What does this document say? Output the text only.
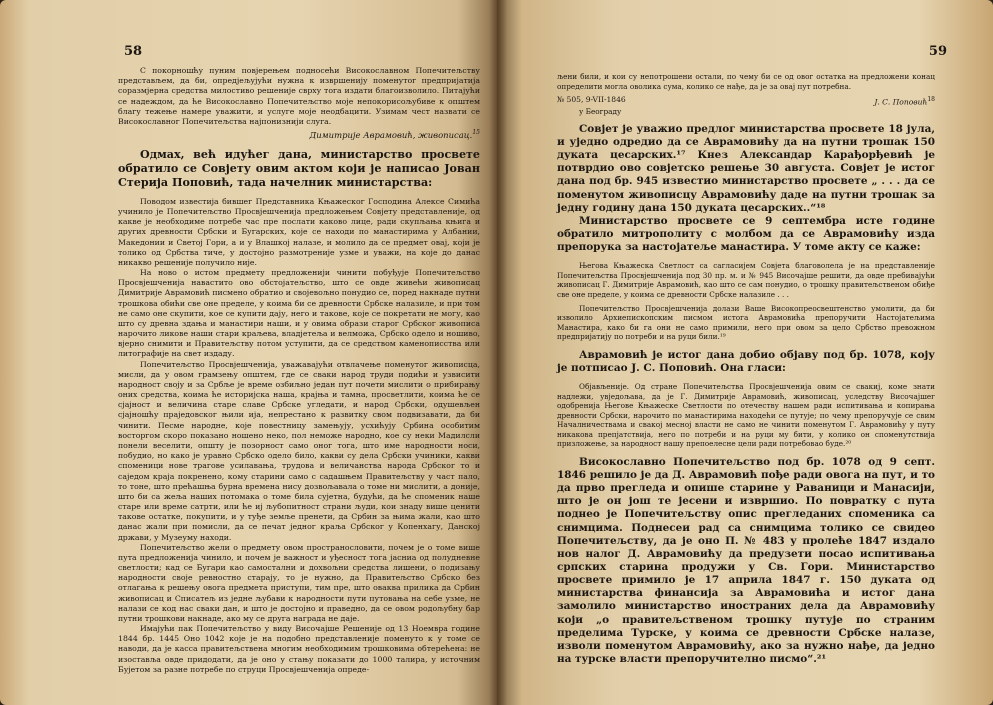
58

С покорношћу пуним повјерењем подносећи Високославном Попечитељству представљем, да би, опредјељујући нужна к извршенију поменутог предпријатија соразмјерна средства милостиво решеније сврху тога издати благоизволило. Питајући се надеждом, да ће Високославно Попечитељство моје непокорисољубиве к општем благу тежење намере уважити, и услуге моје неодбацити. Узимам чест назвати се Високославног Попечитељства најпонизнији слуга.

Димитрије Аврамовић, живописац.$^{15}$

Одмах, већ идућег дана, министарство просвете обратило се Совјету овим актом који је написао Јован Стерија Поповић, тада начелник министарства:

Поводом известија бившег Представника Књажеског Господина Алексе Симића учинило је Попечитељство Просвјешченија предложењем Совјету представленије, од какве је необходиме потребе час пре послати каково лице, ради скупљања књига и других древности Србски и Бугарских, које се находи по манастирима у Албании, Македонии и Светој Гори, а и у Влашкој налазе, и молило да се предмет овај, који је толико од Србства тиче, у достојно размотреније узме и уважи, на које до данас никакво решеније получило није.

На ново о истом предмету предложенији чинити побуђује Попечитељство Просвјешченија навастито ово обстојатељство, што се овде живећи живописац Димитрије Аврамовић писмено обратио и својевољно понудио се, поред накнаде путни трошкова обићи све оне пределе, у коима би се древности Србске налазиле, и при том не само оне скупити, кое се купити дају, него и такове, које се покретати не могу, као што су древна здања и манастири наши, и у овима образи старог Србског живописа нарочито ликове наши стари краљева, владјетеља и велможа, Србско одело и ношиво, вјерно снимити и Правитељству потом уступити, да се средством каменописства или литографије на свет издаду.

Попечитељство Просвјешченија, уважавајући отвлачење поменутог живописца, мисли, да у овом грамзењу општем, где се сваки народ труди подићи и узвисити народност своју и за Србље је време озбиљно један пут почети мислити о прибирању оних средства, коима ће историјска наша, крајња и тамна, просветлити, коима ће се сјајност и величина старе славе Србске угледати, и народ Србски, одушевљен сјајношћу праједовског њили ија, непрестано к развитку свом подвизавати, да би чинити. Песме народне, које повестницу замењују, усхићују Србина особитим восторгом скоро показано ношено неко, пол неможе народно, кое су неки Мадилсли понели веселити, општу је позорност само оног тога, што име народности носи, побудио, но како је уравно Србско одело било, какви су дела Србски учиники, какви споменици нове трагове усилавања, трудова и величанства народа Србског то и саједом краја покренено, кому старини само с садашњем Правитељству у част пало, то тоне, што прећашња бурна времена нису дозвољавала о томе ни мислити, а доније, што би са жеља наших потомака о томе била сујетна, будући, да ће споменик наше старе или време сатрти, или ће иј љубопитност страни људи, кои знаду више ценити такове остатке, покупити, и у туђе земље пренети, да Србин за њима жали, као што данас жали при помисли, да се печат једног краља Србског у Копенхагу, Данској држави, у Музеуму находи.

Попечитељство жели о предмету овом пространословити, почем је о томе више пута предложенија чинило, и почем је важност и уђесност тога јасниа од полудневне светлости; кад се Бугари као самостални и дохвољни средства лишени, о подизању народности своје ревностно старају, то је нужно, да Правитељство Србско без отлагања к решењу овога предмета приступи, тим пре, што оваква прилика да Србин живописац и Списатељ из једне љубави к народности пути путовања на себе узме, не налази се код нас сваки дан, и што је достојно и праведно, да се овом родољубну бар путни трошкови накнаде, ако му се друга награда не даје.

Имајући пак Попечитељство у виду Височајше Решеније од 13 Ноемвра године 1844 бр. 1445 Оно 1042 које је на подобно представленије поменуто к у томе се наводи, да је касса правитељствена многим необходимим трошковима обтерећена: не изоставља овде придодати, да је оно у стању показати до 1000 талира, у источним Бујетом за разне потребе по струци Просвјешченија опреде-

59

љени били, и кои су непотрошени остали, по чему би се од овог остатка на предложени конац определити могла оволика сума, колико се нађе, да је за овај пут потребна.

№ 505, 9-VII-1846	Ј. С. Поповић$^{18}$
у Београду

Совјет је уважио предлог министарства просвете 18 јула, и уједно одредио да се Аврамовићу да на путни трошак 150 дуката цесарских.¹⁷ Кнез Александар Карађорђевић је потврдио ово совјетско решење 30 августа. Совјет је истог дана под бр. 945 известио министарство просвете „ . . . да се поменутом живописцу Аврамовићу даде на путни трошак за једну годину дана 150 дуката цесарских..“¹⁸

Министарство просвете се 9 септембра исте године обратило митрополиту с молбом да се Аврамовићу издa препорука за настојатеље манастира. У томе акту се каже:

Његова Књажеска Светлост са сагласијем Совјета благоволела је на представленије Попечитељства Просвјешченија под 30 пр. м. и № 945 Височајше решити, да овде пребивајући живописац Г. Димитрије Аврамовић, као што се сам понудио, о трошку правитељственом обиђе све оне пределе, у коима се древности Србске налазиле . . .

Попечитељство Просвјешченија долази Ваше Високопреосвештенство умолити, да би изволило Архиепископским писмом истога Аврамовића препоручити Настојатељима Манастира, како би га они не само примили, него при овом за цело Србство превожном предпријатију по потреби и на руци били.¹⁹

Аврамовић је истог дана добио објаву под бр. 1078, коју је потписао Ј. С. Поповић. Она гласи:

Објављеније. Од стране Попечитељства Просвјешченија овим се свакиј, коме знати надлежи, увједољава, да је Г. Димитрије Аврамовић, живописац, уследству Височајшег одобренија Његове Књажеске Светлости по отечеству нашем ради испитивања и копирања древности Србски, нарочито по манастирима находећи се путује; по чему препоручује се свим Началничествама и свакој месној власти не само не чинити поменутом Г. Аврамовићу у путу никакова препјатствија, него по потреби и на руци му бити, у колико он споменутствија призложење, за народност нашу препоелесне цели ради потребовао буде.²⁰

Високославно Попечитељство под бр. 1078 од 9 септ. 1846 решило је да Д. Аврамовић пође ради овога на пут, и то да прво прегледа и опише старине у Раваници и Манасији, што је он још те јесени и извршио. По повратку с пута поднео је Попечитељству опис прегледаних споменика са снимцима. Поднесеи рад са снимцима толико се свидео Попечитељству, да је оно П. № 483 у пролеће 1847 издало нов налог Д. Аврамовићу да предузети посао испитивања српских старина продужи у Св. Гори. Министарство просвете примило је 17 априла 1847 г. 150 дуката од министарства финансија за Аврамовића и истог дана замолило министарство иностраних дела да Аврамовићу који „о правитељственом трошку путује по страним пределима Турске, у коима се древности Србске налазе, изволи поменутом Аврамовићу, ако за нужно нађе, да једно на турске власти препоручително писмо“.²¹
